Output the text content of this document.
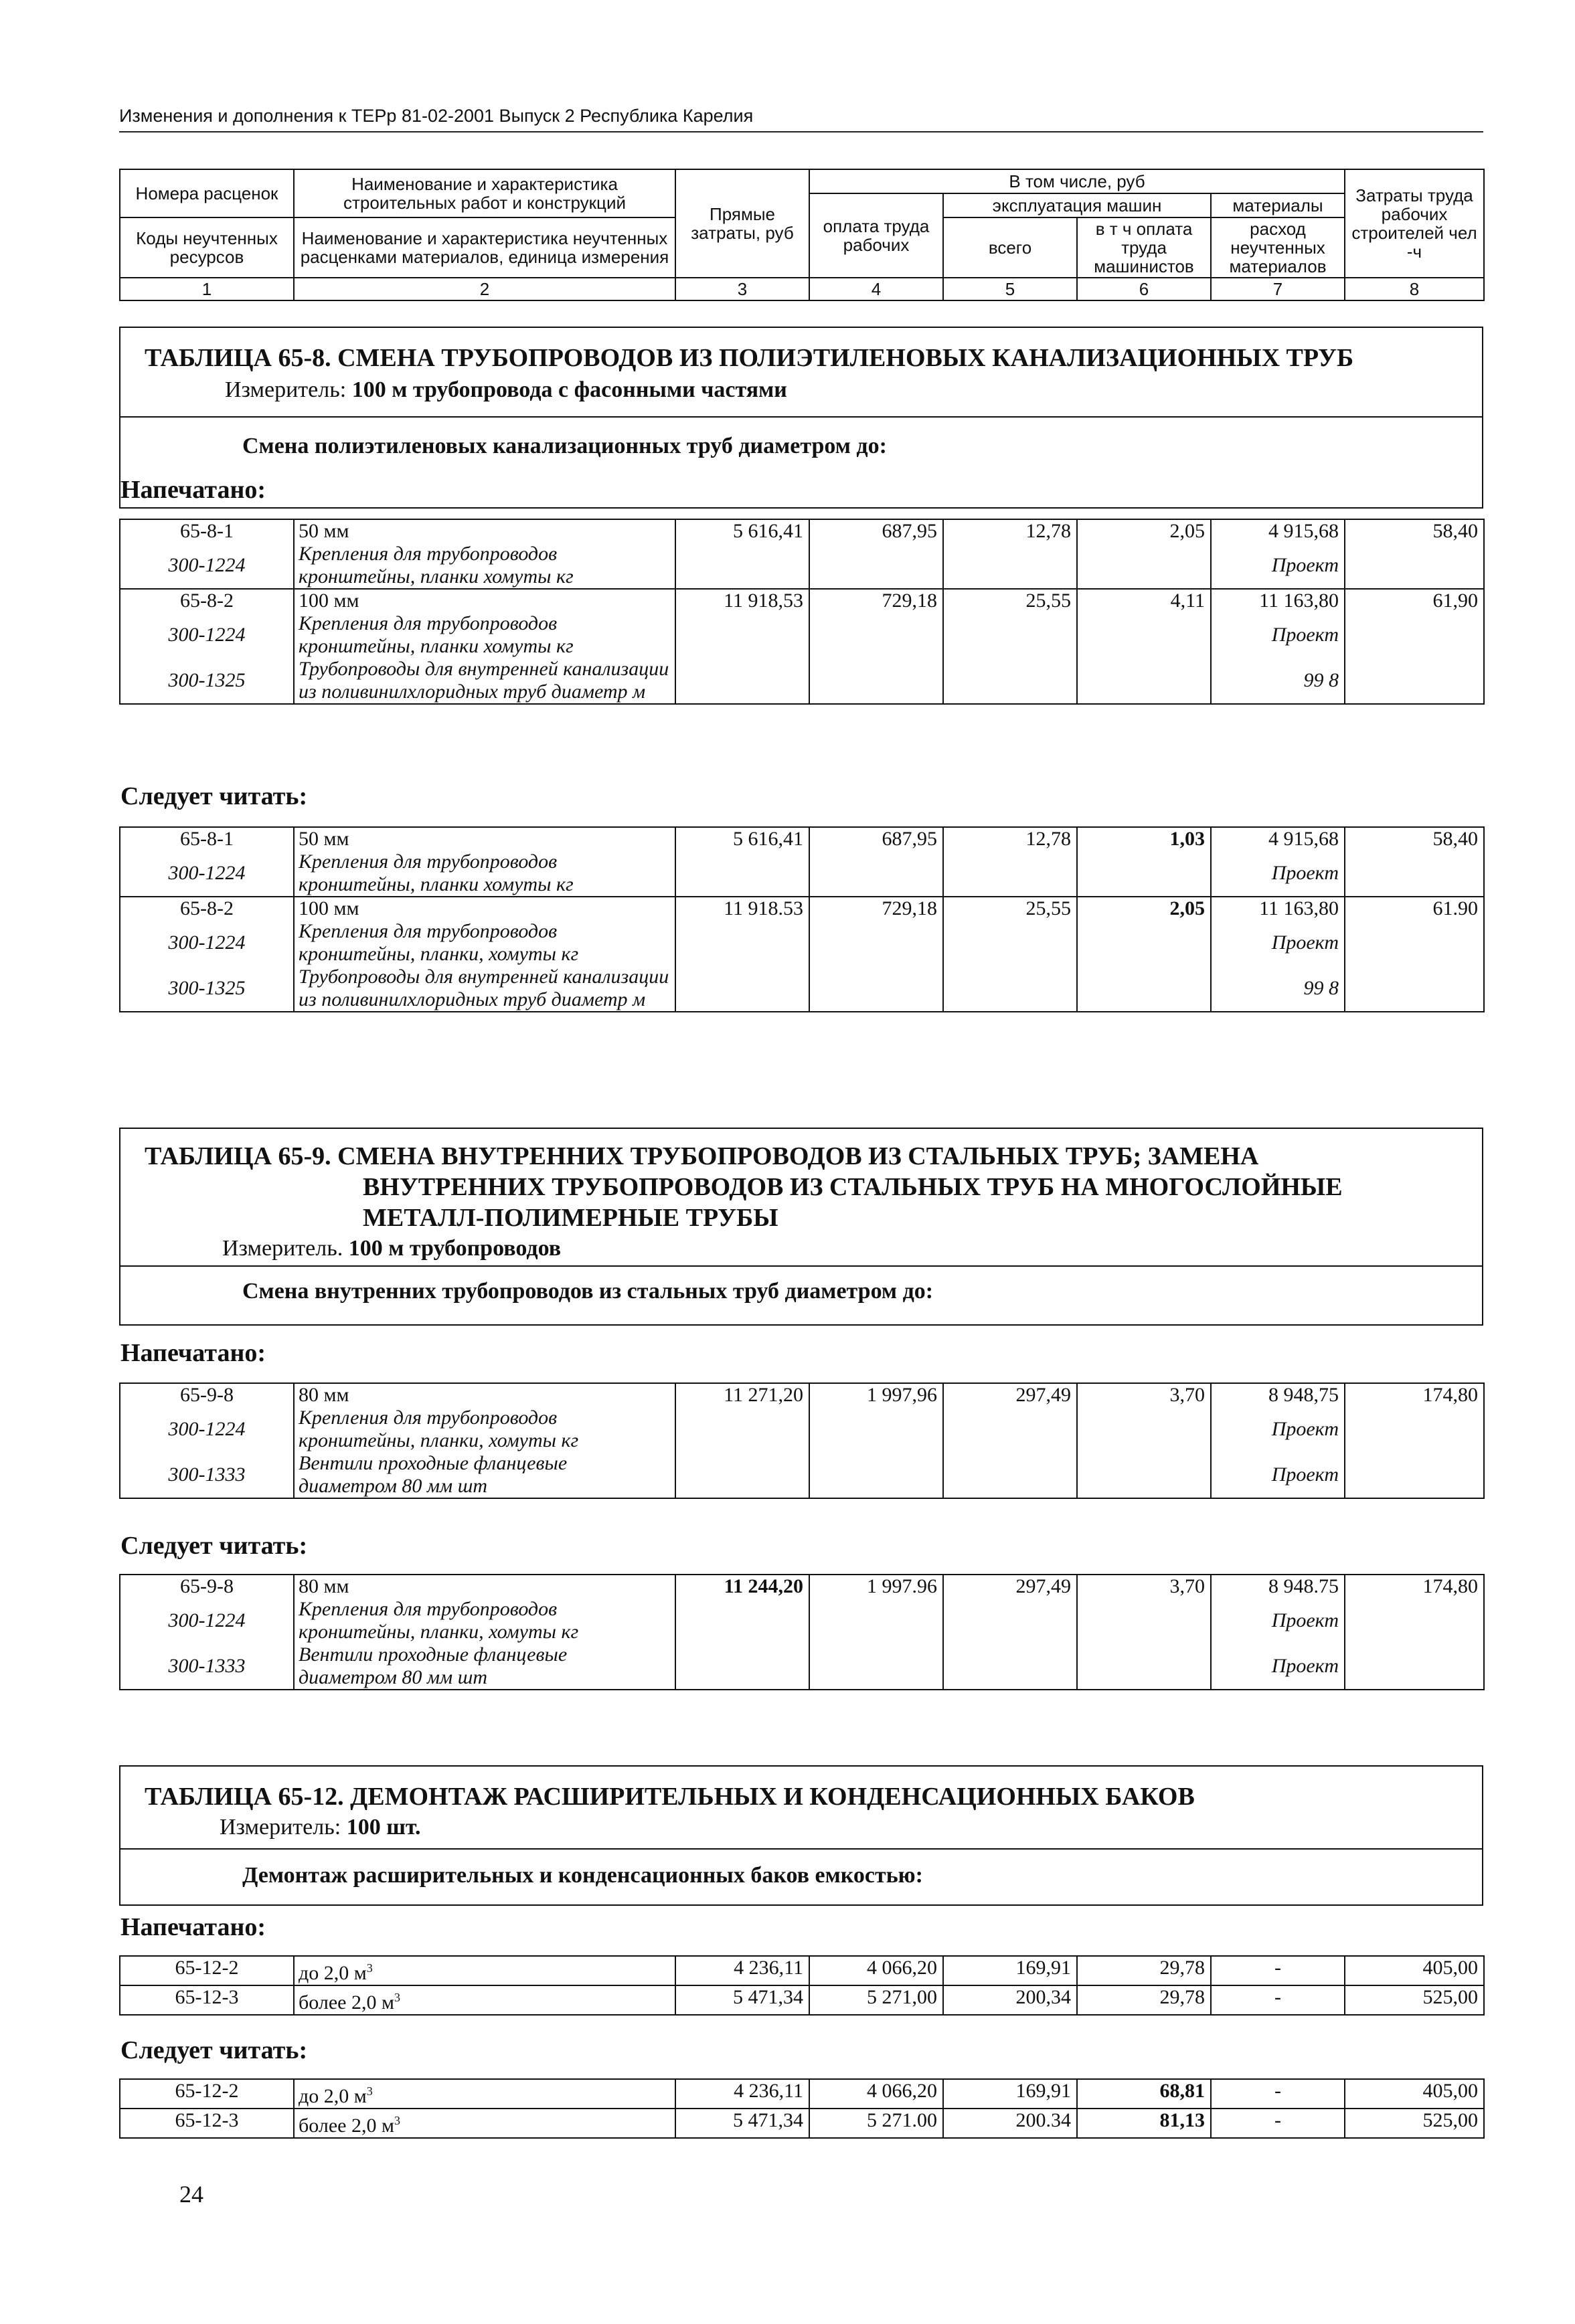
Изменения и дополнения к ТЕРр 81-02-2001 Выпуск 2 Республика Карелия
Номера расценок	Наименование и характеристика строительных работ и конструкций	Прямые затраты, руб	В том числе, руб				Затраты труда рабочих строителей чел -ч
			оплата труда рабочих	эксплуатация машин		материалы	
Коды неучтенных ресурсов	Наименование и характеристика неучтенных расценками материалов, единица измерения			всего	в т ч оплата труда машинистов	расход неучтенных материалов	

1	2	3	4	5	6	7	8
ТАБЛИЦА 65-8. СМЕНА ТРУБОПРОВОДОВ ИЗ ПОЛИЭТИЛЕНОВЫХ КАНАЛИЗАЦИОННЫХ ТРУБ
Измеритель: 100 м трубопровода с фасонными частями
Смена полиэтиленовых канализационных труб диаметром до:
Напечатано:
65-8-1	50 мм	5 616,41	687,95	12,78	2,05	4 915,68	58,40
300-1224	Крепления для трубопроводов кронштейны, планки хомуты кг					Проект	
65-8-2	100 мм	11 918,53	729,18	25,55	4,11	11 163,80	61,90
300-1224	Крепления для трубопроводов кронштейны, планки хомуты кг					Проект	
300-1325	Трубопроводы для внутренней канализации из поливинилхлоридных труб диаметр м					99 8	
Следует читать:
65-8-1	50 мм	5 616,41	687,95	12,78	1,03	4 915,68	58,40
300-1224	Крепления для трубопроводов кронштейны, планки хомуты кг					Проект	
65-8-2	100 мм	11 918.53	729,18	25,55	2,05	11 163,80	61.90
300-1224	Крепления для трубопроводов кронштейны, планки, хомуты кг					Проект	
300-1325	Трубопроводы для внутренней канализации из поливинилхлоридных труб диаметр м					99 8	
ТАБЛИЦА 65-9. СМЕНА ВНУТРЕННИХ ТРУБОПРОВОДОВ ИЗ СТАЛЬНЫХ ТРУБ; ЗАМЕНА
ВНУТРЕННИХ ТРУБОПРОВОДОВ ИЗ СТАЛЬНЫХ ТРУБ НА МНОГОСЛОЙНЫЕ
МЕТАЛЛ-ПОЛИМЕРНЫЕ ТРУБЫ
Измеритель. 100 м трубопроводов
Смена внутренних трубопроводов из стальных труб диаметром до:
Напечатано:
65-9-8	80 мм	11 271,20	1 997,96	297,49	3,70	8 948,75	174,80
300-1224	Крепления для трубопроводов кронштейны, планки, хомуты кг					Проект	
300-1333	Вентили проходные фланцевые диаметром 80 мм шт					Проект	
Следует читать:
65-9-8	80 мм	11 244,20	1 997.96	297,49	3,70	8 948.75	174,80
300-1224	Крепления для трубопроводов кронштейны, планки, хомуты кг					Проект	
300-1333	Вентили проходные фланцевые диаметром 80 мм шт					Проект	
ТАБЛИЦА 65-12. ДЕМОНТАЖ РАСШИРИТЕЛЬНЫХ И КОНДЕНСАЦИОННЫХ БАКОВ
Измеритель: 100 шт.
Демонтаж расширительных и конденсационных баков емкостью:
Напечатано:
65-12-2	до 2,0 $м^3$	4 236,11	4 066,20	169,91	29,78	-	405,00
65-12-3	более 2,0 $м^3$	5 471,34	5 271,00	200,34	29,78	-	525,00
Следует читать:
65-12-2	до 2,0 $м^3$	4 236,11	4 066,20	169,91	68,81	-	405,00
65-12-3	более 2,0 $м^3$	5 471,34	5 271.00	200.34	81,13	-	525,00
24
